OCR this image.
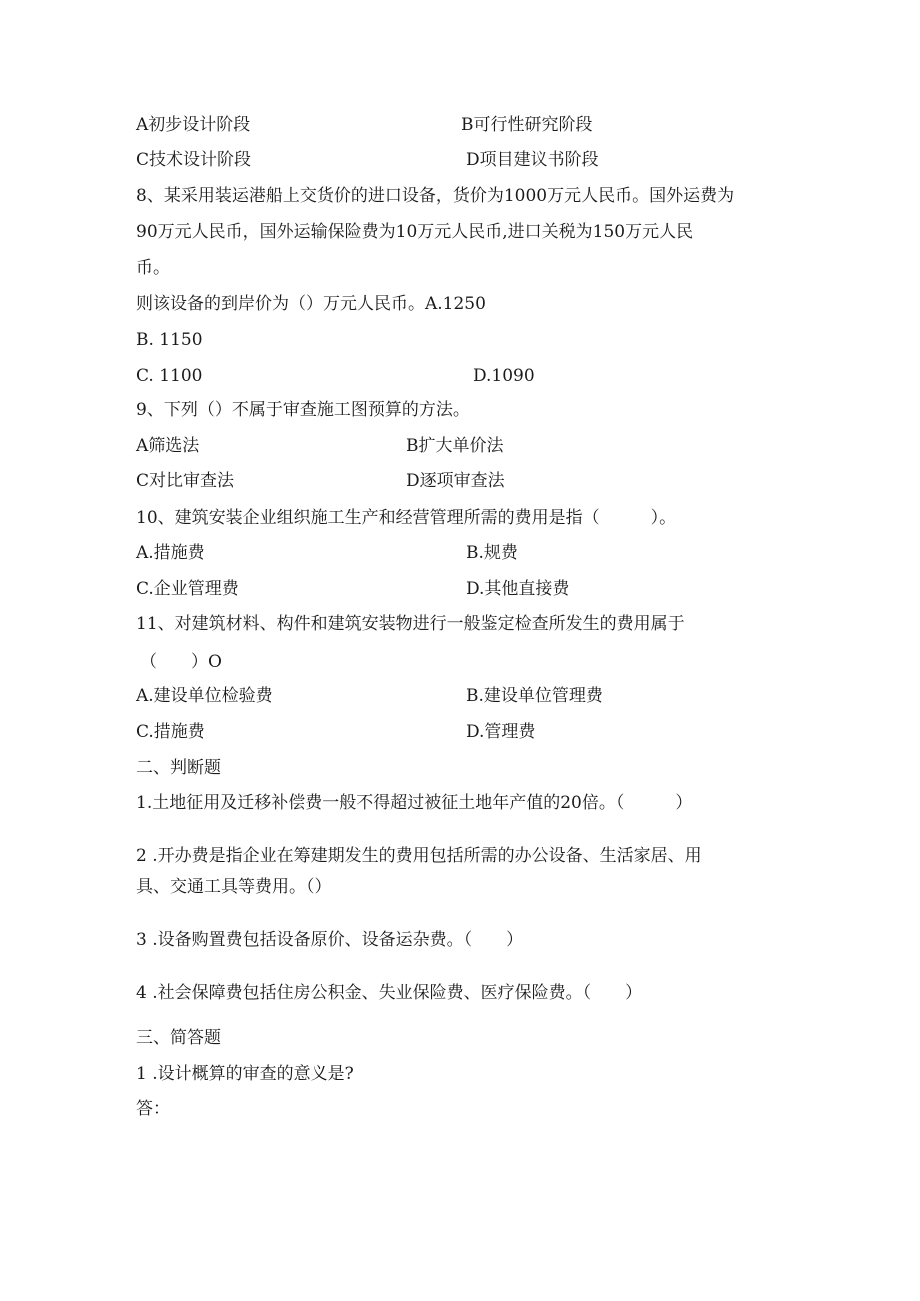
A初步设计阶段	B可行性研究阶段
C技术设计阶段	D项目建议书阶段
8、某采用装运港船上交货价的进口设备，货价为1000万元人民币。国外运费为
90万元人民币，国外运输保险费为10万元人民币,进口关税为150万元人民
币。
则该设备的到岸价为（）万元人民币。A.1250
B. 1150
C. 1100	D.1090
9、下列（）不属于审查施工图预算的方法。
A筛选法	B扩大单价法
C对比审查法	D逐项审查法
10、建筑安装企业组织施工生产和经营管理所需的费用是指（　　　）。
A.措施费	B.规费
C.企业管理费	D.其他直接费
11、对建筑材料、构件和建筑安装物进行一般鉴定检查所发生的费用属于
（　　）O
A.建设单位检验费	B.建设单位管理费
C.措施费	D.管理费
二、判断题
1.土地征用及迁移补偿费一般不得超过被征土地年产值的20倍。（　　　）
2 .开办费是指企业在筹建期发生的费用包括所需的办公设备、生活家居、用
具、交通工具等费用。（）
3 .设备购置费包括设备原价、设备运杂费。（　　）
4 .社会保障费包括住房公积金、失业保险费、医疗保险费。（　　）
三、简答题
1 .设计概算的审查的意义是?
答：
